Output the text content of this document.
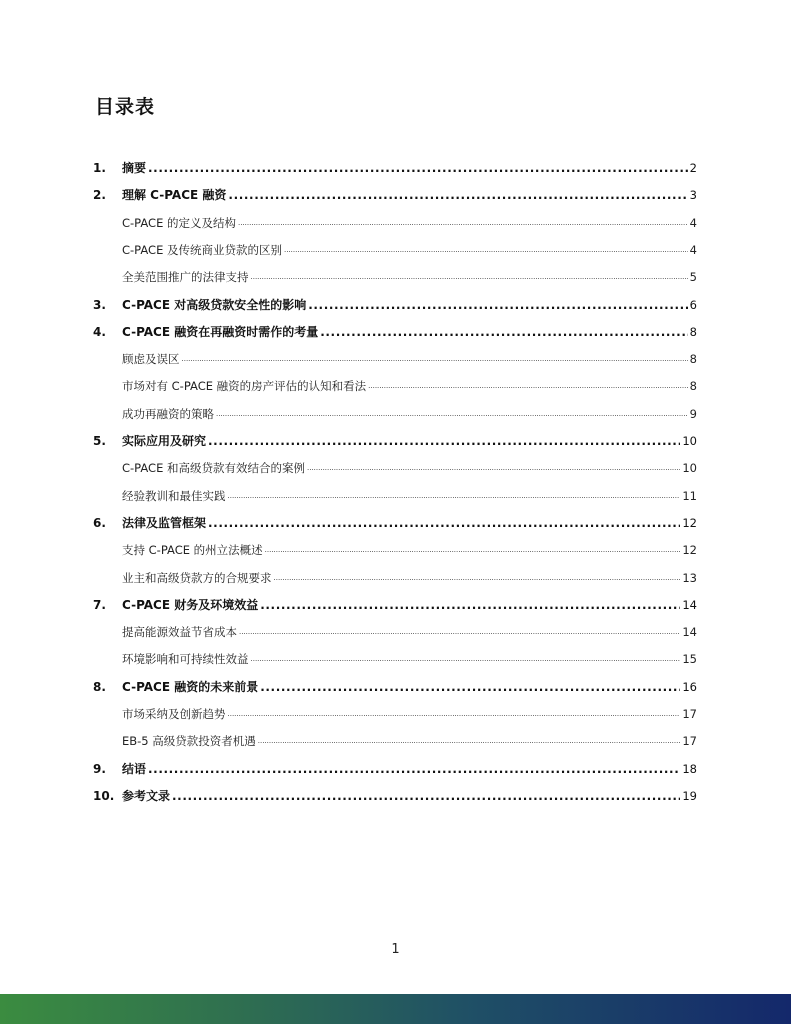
目录表
1.	摘要 .....	2
2.	理解 C-PACE 融资 .....	3
C-PACE 的定义及结构 .....	4
C-PACE 及传统商业贷款的区别 .....	4
全美范围推广的法律支持 .....	5
3.	C-PACE 对高级贷款安全性的影响 .....	6
4.	C-PACE 融资在再融资时需作的考量 .....	8
顾虑及误区 .....	8
市场对有 C-PACE 融资的房产评估的认知和看法 .....	8
成功再融资的策略 .....	9
5.	实际应用及研究 .....	10
C-PACE 和高级贷款有效结合的案例 .....	10
经验教训和最佳实践 .....	11
6.	法律及监管框架 .....	12
支持 C-PACE 的州立法概述 .....	12
业主和高级贷款方的合规要求 .....	13
7.	C-PACE 财务及环境效益 .....	14
提高能源效益节省成本 .....	14
环境影响和可持续性效益 .....	15
8.	C-PACE 融资的未来前景 .....	16
市场采纳及创新趋势 .....	17
EB-5 高级贷款投资者机遇 .....	17
9.	结语 .....	18
10. 参考文录 .....	19
1
